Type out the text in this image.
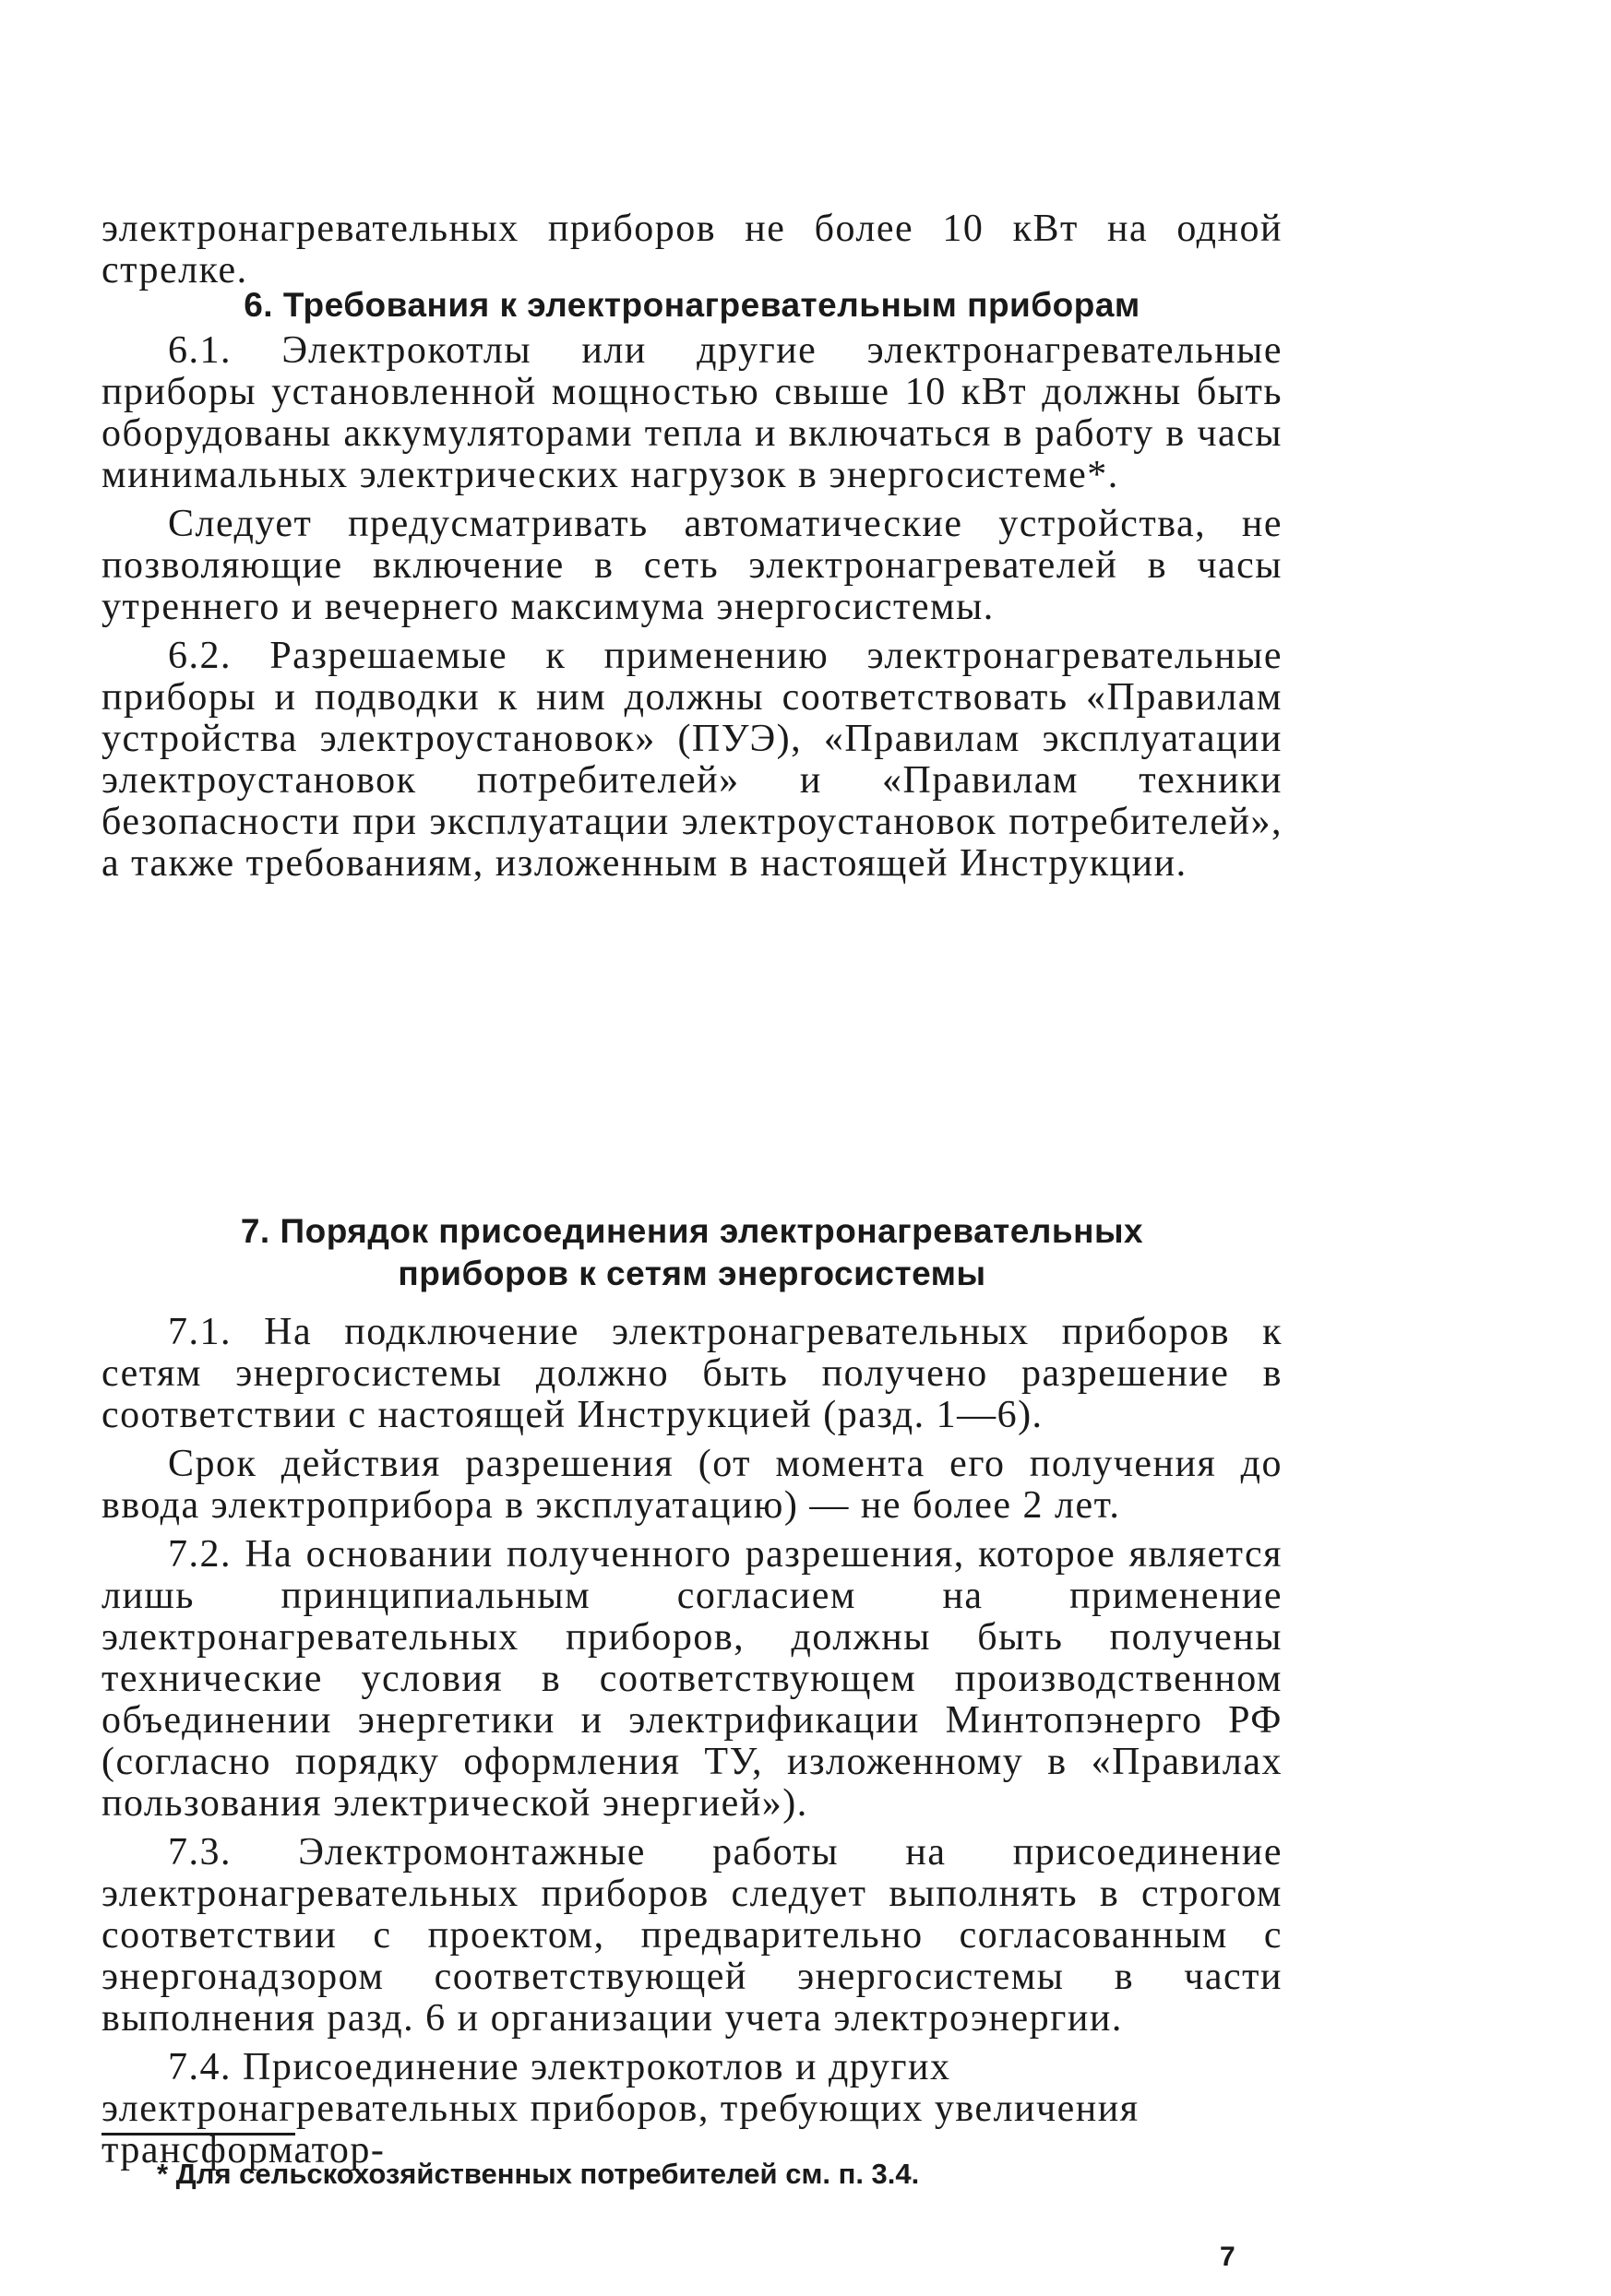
электронагревательных приборов не более 10 кВт на одной стрелке.

6. Требования к электронагревательным приборам

6.1. Электрокотлы или другие электронагревательные приборы установленной мощностью свыше 10 кВт должны быть оборудованы аккумуляторами тепла и включаться в работу в часы минимальных электрических нагрузок в энергосистеме*.

Следует предусматривать автоматические устройства, не позволяющие включение в сеть электронагревателей в часы утреннего и вечернего максимума энергосистемы.

6.2. Разрешаемые к применению электронагревательные приборы и подводки к ним должны соответствовать «Правилам устройства электроустановок» (ПУЭ), «Правилам эксплуатации электроустановок потребителей» и «Правилам техники безопасности при эксплуатации электроустановок потребителей», а также требованиям, изложенным в настоящей Инструкции.

7. Порядок присоединения электронагревательных
приборов к сетям энергосистемы

7.1. На подключение электронагревательных приборов к сетям энергосистемы должно быть получено разрешение в соответствии с настоящей Инструкцией (разд. 1—6).

Срок действия разрешения (от момента его получения до ввода электроприбора в эксплуатацию) — не более 2 лет.

7.2. На основании полученного разрешения, которое является лишь принципиальным согласием на применение электронагревательных приборов, должны быть получены технические условия в соответствующем производственном объединении энергетики и электрификации Минтопэнерго РФ (согласно порядку оформления ТУ, изложенному в «Правилах пользования электрической энергией»).

7.3. Электромонтажные работы на присоединение электронагревательных приборов следует выполнять в строгом соответствии с проектом, предварительно согласованным с энергонадзором соответствующей энергосистемы в части выполнения разд. 6 и организации учета электроэнергии.

7.4. Присоединение электрокотлов и других электронагревательных приборов, требующих увеличения трансформатор-

* Для сельскохозяйственных потребителей см. п. 3.4.
7
